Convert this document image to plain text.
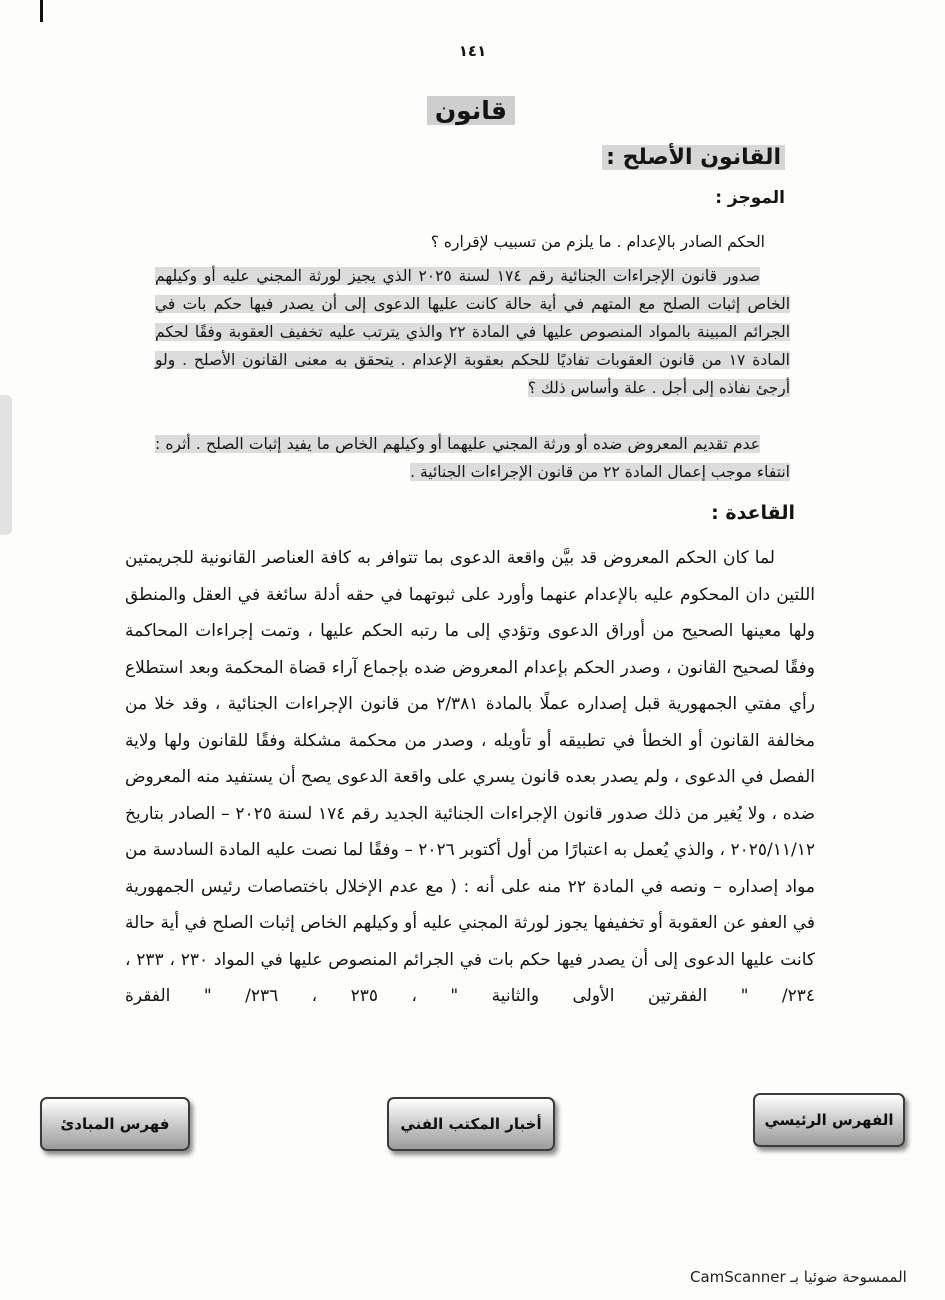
١٤١
قانون
القانون الأصلح :
الموجز :

الحكم الصادر بالإعدام . ما يلزم من تسبيب لإقراره ؟

صدور قانون الإجراءات الجنائية رقم ١٧٤ لسنة ٢٠٢٥ الذي يجيز لورثة المجني عليه أو وكيلهم الخاص إثبات الصلح مع المتهم في أية حالة كانت عليها الدعوى إلى أن يصدر فيها حكم بات في الجرائم المبينة بالمواد المنصوص عليها في المادة ٢٢ والذي يترتب عليه تخفيف العقوبة وفقًا لحكم المادة ١٧ من قانون العقوبات تفاديًا للحكم بعقوبة الإعدام . يتحقق به معنى القانون الأصلح . ولو أرجئ نفاذه إلى أجل . علة وأساس ذلك ؟

عدم تقديم المعروض ضده أو ورثة المجني عليهما أو وكيلهم الخاص ما يفيد إثبات الصلح . أثره : انتفاء موجب إعمال المادة ٢٢ من قانون الإجراءات الجنائية .

القاعدة :

لما كان الحكم المعروض قد بيَّن واقعة الدعوى بما تتوافر به كافة العناصر القانونية للجريمتين اللتين دان المحكوم عليه بالإعدام عنهما وأورد على ثبوتهما في حقه أدلة سائغة في العقل والمنطق ولها معينها الصحيح من أوراق الدعوى وتؤدي إلى ما رتبه الحكم عليها ، وتمت إجراءات المحاكمة وفقًا لصحيح القانون ، وصدر الحكم بإعدام المعروض ضده بإجماع آراء قضاة المحكمة وبعد استطلاع رأي مفتي الجمهورية قبل إصداره عملًا بالمادة ٢/٣٨١ من قانون الإجراءات الجنائية ، وقد خلا من مخالفة القانون أو الخطأ في تطبيقه أو تأويله ، وصدر من محكمة مشكلة وفقًا للقانون ولها ولاية الفصل في الدعوى ، ولم يصدر بعده قانون يسري على واقعة الدعوى يصح أن يستفيد منه المعروض ضده ، ولا يُغير من ذلك صدور قانون الإجراءات الجنائية الجديد رقم ١٧٤ لسنة ٢٠٢٥ – الصادر بتاريخ ٢٠٢٥/١١/١٢ ، والذي يُعمل به اعتبارًا من أول أكتوبر ٢٠٢٦ – وفقًا لما نصت عليه المادة السادسة من مواد إصداره – ونصه في المادة ٢٢ منه على أنه : ( مع عدم الإخلال باختصاصات رئيس الجمهورية في العفو عن العقوبة أو تخفيفها يجوز لورثة المجني عليه أو وكيلهم الخاص إثبات الصلح في أية حالة كانت عليها الدعوى إلى أن يصدر فيها حكم بات في الجرائم المنصوص عليها في المواد ٢٣٠ ، ٢٣٣ ، ٢٣٤/ " الفقرتين الأولى والثانية " ، ٢٣٥ ، ٢٣٦/ " الفقرة

فهرس المبادئ	أخبار المكتب الفني	الفهرس الرئيسي
الممسوحة ضوئيا بـ CamScanner
